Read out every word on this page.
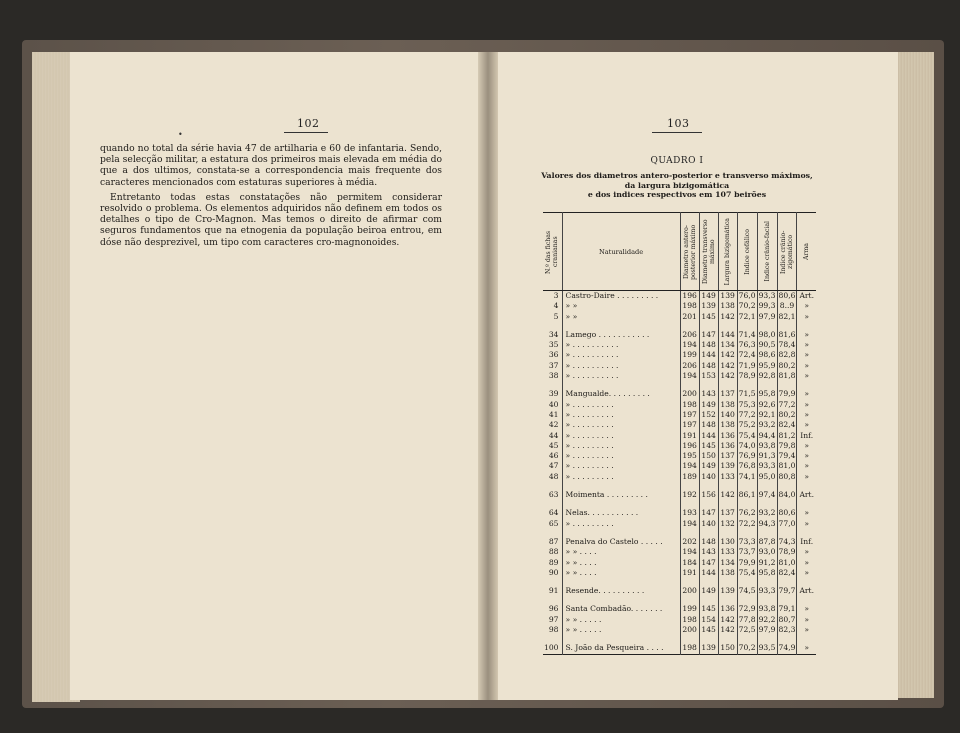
102
•

quando no total da série havia 47 de artilharia e 60 de infantaria. Sendo, pela selecção militar, a estatura dos primeiros mais elevada em média do que a dos ultimos, constata-se a correspondencia mais frequente dos caracteres mencionados com estaturas superiores à média.

Entretanto todas estas constatações não permitem considerar resolvido o problema. Os elementos adquiridos não definem em todos os detalhes o tipo de Cro-Magnon. Mas temos o direito de afirmar com seguros fundamentos que na etnogenia da população beiroa entrou, em dóse não desprezivel, um tipo com caracteres cro-magnonoides.

103
QUADRO I
Valores dos diametros antero-posterior e transverso máximos,
da largura bizigomática
e dos indices respectivos em 107 beirões
N.º das fichas cranianas	Naturalidade	Diametro antero-posterior máximo	Diametro transverso máximo	Largura bizigomática	Indice cefálico	Indice crânio-facial	Indice crânio-zigomático	Arma

3	Castro-Daire . . . . . . . . .	196	149	139	76,0	93,3	80,6	Art.
4	» »	198	139	138	70,2	99,3	8..9	»
5	» »	201	145	142	72,1	97,9	82,1	»

34	Lamego . . . . . . . . . . .	206	147	144	71,4	98,0	81,6	»
35	» . . . . . . . . . .	194	148	134	76,3	90,5	78,4	»
36	» . . . . . . . . . .	199	144	142	72,4	98,6	82,8	»
37	» . . . . . . . . . .	206	148	142	71,9	95,9	80,2	»
38	» . . . . . . . . . .	194	153	142	78,9	92,8	81,8	»

39	Mangualde. . . . . . . . .	200	143	137	71,5	95,8	79,9	»
40	» . . . . . . . . .	198	149	138	75,3	92,6	77,2	»
41	» . . . . . . . . .	197	152	140	77,2	92,1	80,2	»
42	» . . . . . . . . .	197	148	138	75,2	93,2	82,4	»
44	» . . . . . . . . .	191	144	136	75,4	94,4	81,2	Inf.
45	» . . . . . . . . .	196	145	136	74,0	93,8	79,8	»
46	» . . . . . . . . .	195	150	137	76,9	91,3	79,4	»
47	» . . . . . . . . .	194	149	139	76,8	93,3	81,0	»
48	» . . . . . . . . .	189	140	133	74,1	95,0	80,8	»

63	Moimenta . . . . . . . . .	192	156	142	86,1	97,4	84,0	Art.

64	Nelas. . . . . . . . . . .	193	147	137	76,2	93,2	80,6	»
65	» . . . . . . . . .	194	140	132	72,2	94,3	77,0	»

87	Penalva do Castelo . . . . .	202	148	130	73,3	87,8	74,3	Inf.
88	» » . . . .	194	143	133	73,7	93,0	78,9	»
89	» » . . . .	184	147	134	79,9	91,2	81,0	»
90	» » . . . .	191	144	138	75,4	95,8	82,4	»

91	Resende. . . . . . . . . .	200	149	139	74,5	93,3	79,7	Art.

96	Santa Combadão. . . . . . .	199	145	136	72,9	93,8	79,1	»
97	» » . . . . .	198	154	142	77,8	92,2	80,7	»
98	» » . . . . .	200	145	142	72,5	97,9	82,3	»

100	S. João da Pesqueira . . . .	198	139	150	70,2	93,5	74,9	»
